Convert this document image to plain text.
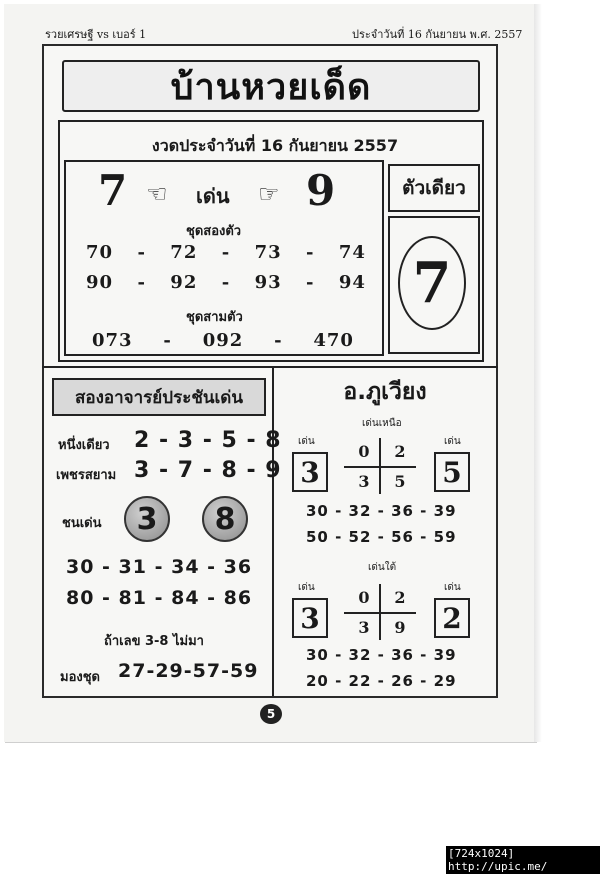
รวยเศรษฐี vs เบอร์ 1	ประจำวันที่ 16 กันยายน พ.ศ. 2557
บ้านหวยเด็ด
งวดประจำวันที่ 16 กันยายน 2557
7 ☜ เด่น ☞ 9
ชุดสองตัว
70 - 72 - 73 - 74
90 - 92 - 93 - 94
ชุดสามตัว
073 - 092 - 470
ตัวเดียว
7
สองอาจารย์ประชันเด่น
หนึ่งเดียว 2 - 3 - 5 - 8
เพชรสยาม 3 - 7 - 8 - 9
ชนเด่น 3 8
30 - 31 - 34 - 36
80 - 81 - 84 - 86
ถ้าเลข 3-8 ไม่มา
มองชุด 27-29-57-59
อ.ภูเวียง
เด่นเหนือ
เด่น	เด่น
3	5
0	2
3	5
30 - 32 - 36 - 39
50 - 52 - 56 - 59
เด่นใต้
เด่น	เด่น
3	2
0	2
3	9
30 - 32 - 36 - 39
20 - 22 - 26 - 29
5
[724x1024] http://upic.me/
